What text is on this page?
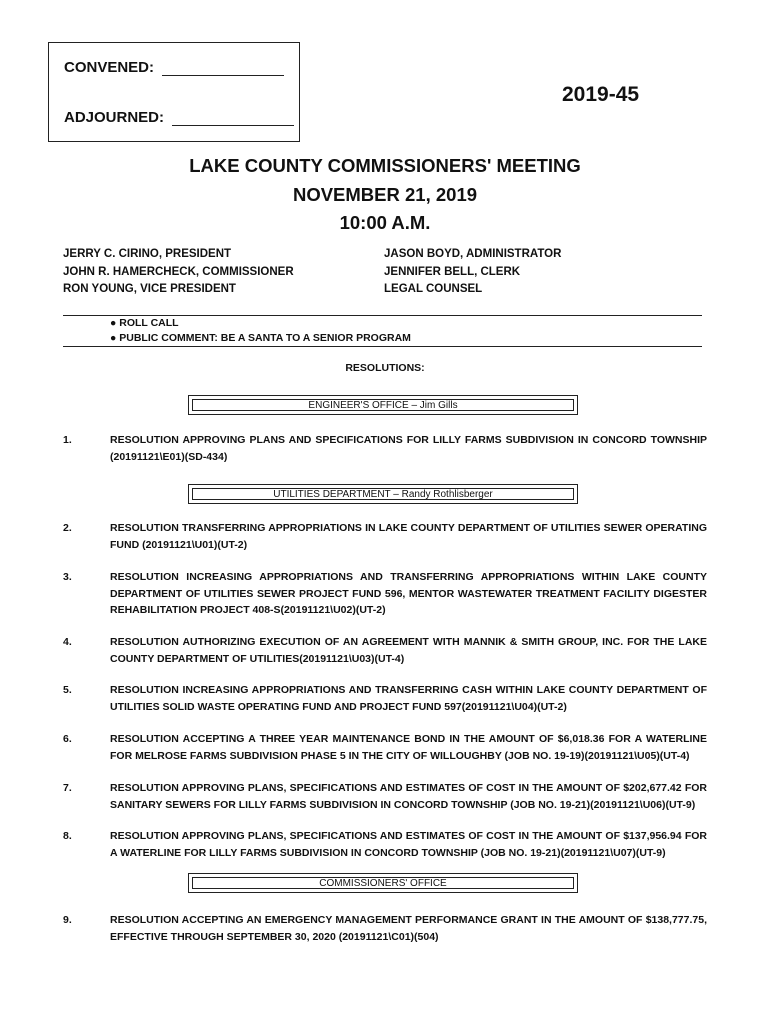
CONVENED:
ADJOURNED:
2019-45
LAKE COUNTY COMMISSIONERS' MEETING
NOVEMBER 21, 2019
10:00 A.M.
JERRY C. CIRINO, PRESIDENT
JOHN R. HAMERCHECK, COMMISSIONER
RON YOUNG, VICE PRESIDENT
JASON BOYD, ADMINISTRATOR
JENNIFER BELL, CLERK
LEGAL COUNSEL
● ROLL CALL
● PUBLIC COMMENT: BE A SANTA TO A SENIOR PROGRAM
RESOLUTIONS:
ENGINEER'S OFFICE – Jim Gills
1.	RESOLUTION APPROVING PLANS AND SPECIFICATIONS FOR LILLY FARMS SUBDIVISION IN CONCORD TOWNSHIP (20191121\E01)(SD-434)
UTILITIES DEPARTMENT – Randy Rothlisberger
2.	RESOLUTION TRANSFERRING APPROPRIATIONS IN LAKE COUNTY DEPARTMENT OF UTILITIES SEWER OPERATING FUND (20191121\U01)(UT-2)
3.	RESOLUTION INCREASING APPROPRIATIONS AND TRANSFERRING APPROPRIATIONS WITHIN LAKE COUNTY DEPARTMENT OF UTILITIES SEWER PROJECT FUND 596, MENTOR WASTEWATER TREATMENT FACILITY DIGESTER REHABILITATION PROJECT 408-S(20191121\U02)(UT-2)
4.	RESOLUTION AUTHORIZING EXECUTION OF AN AGREEMENT WITH MANNIK & SMITH GROUP, INC. FOR THE LAKE COUNTY DEPARTMENT OF UTILITIES(20191121\U03)(UT-4)
5.	RESOLUTION INCREASING APPROPRIATIONS AND TRANSFERRING CASH WITHIN LAKE COUNTY DEPARTMENT OF UTILITIES SOLID WASTE OPERATING FUND AND PROJECT FUND 597(20191121\U04)(UT-2)
6.	RESOLUTION ACCEPTING A THREE YEAR MAINTENANCE BOND IN THE AMOUNT OF $6,018.36 FOR A WATERLINE FOR MELROSE FARMS SUBDIVISION PHASE 5 IN THE CITY OF WILLOUGHBY (JOB NO. 19-19)(20191121\U05)(UT-4)
7.	RESOLUTION APPROVING PLANS, SPECIFICATIONS AND ESTIMATES OF COST IN THE AMOUNT OF $202,677.42 FOR SANITARY SEWERS FOR LILLY FARMS SUBDIVISION IN CONCORD TOWNSHIP (JOB NO. 19-21)(20191121\U06)(UT-9)
8.	RESOLUTION APPROVING PLANS, SPECIFICATIONS AND ESTIMATES OF COST IN THE AMOUNT OF $137,956.94 FOR A WATERLINE FOR LILLY FARMS SUBDIVISION IN CONCORD TOWNSHIP (JOB NO. 19-21)(20191121\U07)(UT-9)
COMMISSIONERS' OFFICE
9.	RESOLUTION ACCEPTING AN EMERGENCY MANAGEMENT PERFORMANCE GRANT IN THE AMOUNT OF $138,777.75, EFFECTIVE THROUGH SEPTEMBER 30, 2020 (20191121\C01)(504)
